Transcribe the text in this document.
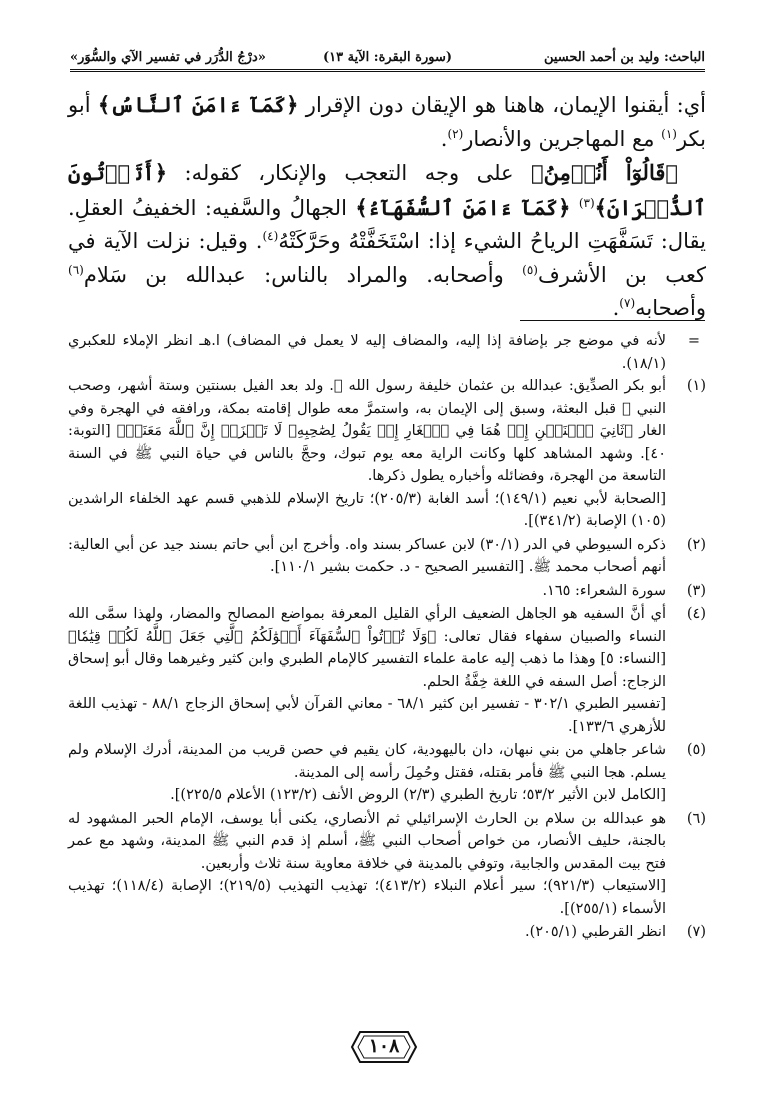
الباحث: وليد بن أحمد الحسين
(سورة البقرة: الآية ١٣)
«درْجُ الدُّرَر في تفسير الآي والسُّوَر»

أي: أيقنوا الإيمان، هاهنا هو الإيقان دون الإقرار ﴿كَمَآ ءَامَنَ ٱلنَّاسُ﴾ أبو بكر$^{(١)}$ مع المهاجرين والأنصار$^{(٢)}$.

﴿قَالُوٓاْ أَنُؤۡمِنُ﴾ على وجه التعجب والإنكار، كقوله: ﴿أَتَأۡتُونَ ٱلذُّكۡرَانَ﴾$^{(٣)}$ ﴿كَمَآ ءَامَنَ ٱلسُّفَهَآءُ﴾ الجهالُ والسَّفيه: الخفيفُ العقلِ. يقال: تَسَفَّهَتِ الرياحُ الشيء إذا: اسْتَخَفَّتْهُ وحَرَّكَتْهُ$^{(٤)}$. وقيل: نزلت الآية في كعب بن الأشرف$^{(٥)}$ وأصحابه. والمراد بالناس: عبدالله بن سَلام$^{(٦)}$ وأصحابه$^{(٧)}$.

=
لأنه في موضع جر بإضافة إذا إليه، والمضاف إليه لا يعمل في المضاف) ا.هـ انظر الإملاء للعكبري (١٨/١).
(١)
أبو بكر الصدِّيق: عبدالله بن عثمان خليفة رسول الله ﷺ. ولد بعد الفيل بسنتين وستة أشهر، وصحب النبي ﷺ قبل البعثة، وسبق إلى الإيمان به، واستمرَّ معه طوال إقامته بمكة، ورافقه في الهجرة وفي الغار ﴿ثَانِيَ ٱثۡنَيۡنِ إِذۡ هُمَا فِي ٱلۡغَارِ إِذۡ يَقُولُ لِصَٰحِبِهِۦ لَا تَحۡزَنۡ إِنَّ ٱللَّهَ مَعَنَاۖ﴾ [التوبة: ٤٠]. وشهد المشاهد كلها وكانت الراية معه يوم تبوك، وحجَّ بالناس في حياة النبي ﷺ في السنة التاسعة من الهجرة، وفضائله وأخباره يطول ذكرها.
[الصحابة لأبي نعيم (١٤٩/١)؛ أسد الغابة (٢٠٥/٣)؛ تاريخ الإسلام للذهبي قسم عهد الخلفاء الراشدين (١٠٥) الإصابة (٣٤١/٢)].
(٢)
ذكره السيوطي في الدر (٣٠/١) لابن عساكر بسند واه. وأخرج ابن أبي حاتم بسند جيد عن أبي العالية: أنهم أصحاب محمد ﷺ. [التفسير الصحيح - د. حكمت بشير ١١٠/١].
(٣)
سورة الشعراء: ١٦٥.
(٤)
أي أنَّ السفيه هو الجاهل الضعيف الرأي القليل المعرفة بمواضع المصالح والمضار، ولهذا سمَّى الله النساء والصبيان سفهاء فقال تعالى: ﴿وَلَا تُؤۡتُواْ ٱلسُّفَهَآءَ أَمۡوَٰلَكُمُ ٱلَّتِي جَعَلَ ٱللَّهُ لَكُمۡ قِيَٰمٗا﴾ [النساء: ٥] وهذا ما ذهب إليه عامة علماء التفسير كالإمام الطبري وابن كثير وغيرهما وقال أبو إسحاق الزجاج: أصل السفه في اللغة خِفَّةُ الحلم.
[تفسير الطبري ٣٠٢/١ - تفسير ابن كثير ٦٨/١ - معاني القرآن لأبي إسحاق الزجاج ٨٨/١ - تهذيب اللغة للأزهري ١٣٣/٦].
(٥)
شاعر جاهلي من بني نبهان، دان باليهودية، كان يقيم في حصن قريب من المدينة، أدرك الإسلام ولم يسلم. هجا النبي ﷺ فأمر بقتله، فقتل وحُمِلَ رأسه إلى المدينة.
[الكامل لابن الأثير ٥٣/٢؛ تاريخ الطبري (٢/٣) الروض الأنف (١٢٣/٢) الأعلام ٢٢٥/٥)].
(٦)
هو عبدالله بن سلام بن الحارث الإسرائيلي ثم الأنصاري، يكنى أبا يوسف، الإمام الحبر المشهود له بالجنة، حليف الأنصار، من خواص أصحاب النبي ﷺ، أسلم إذ قدم النبي ﷺ المدينة، وشهد مع عمر فتح بيت المقدس والجابية، وتوفي بالمدينة في خلافة معاوية سنة ثلاث وأربعين.
[الاستيعاب (٩٢١/٣)؛ سير أعلام النبلاء (٤١٣/٢)؛ تهذيب التهذيب (٢١٩/٥)؛ الإصابة (١١٨/٤)؛ تهذيب الأسماء (٢٥٥/١)].
(٧)
انظر القرطبي (٢٠٥/١).
١٠٨
